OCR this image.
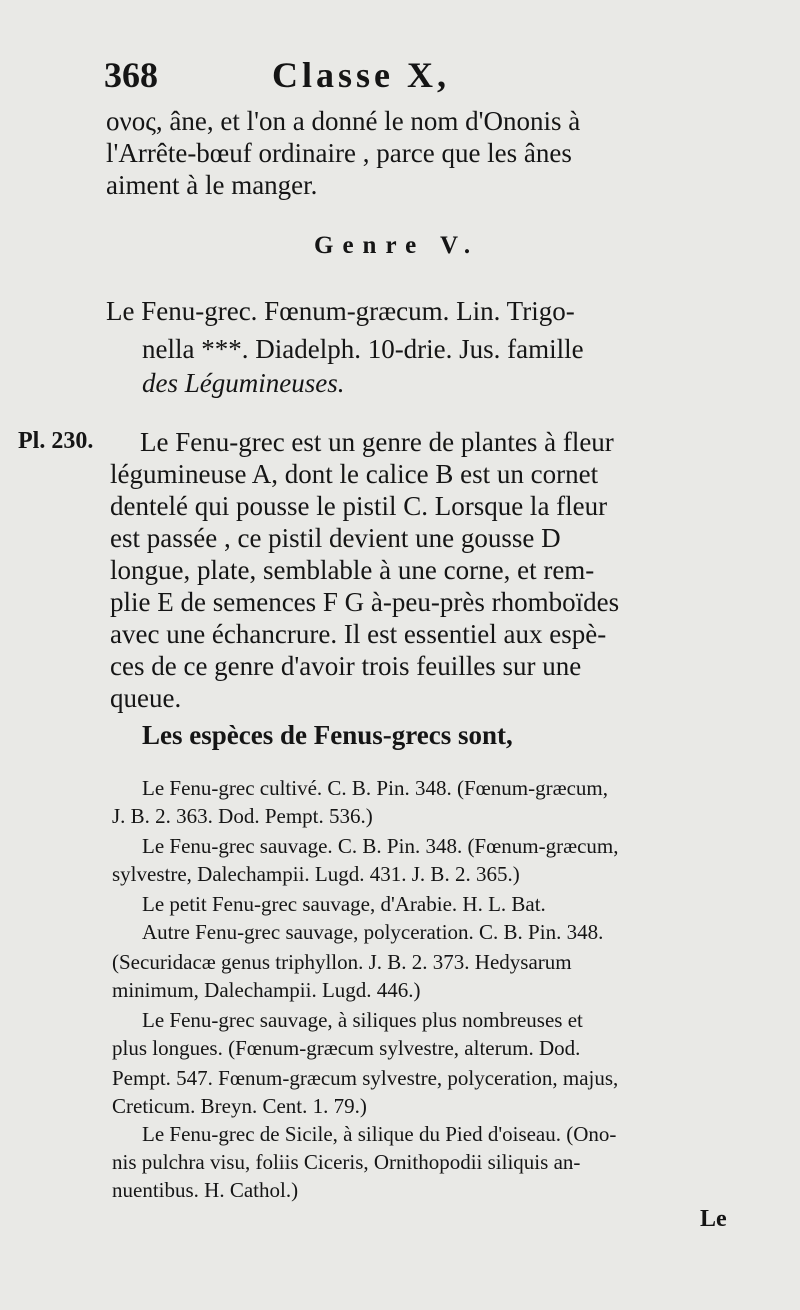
368	Classe X,
ονος, âne, et l'on a donné le nom d'Ononis à
l'Arrête-bœuf ordinaire , parce que les ânes
aiment à le manger.
Genre V.
Le Fenu-grec. Fœnum-græcum. Lin. Trigo-
nella ***. Diadelph. 10-drie. Jus. famille
des Légumineuses.
Pl. 230. Le Fenu-grec est un genre de plantes à fleur
légumineuse A, dont le calice B est un cornet
dentelé qui pousse le pistil C. Lorsque la fleur
est passée , ce pistil devient une gousse D
longue, plate, semblable à une corne, et rem-
plie E de semences F G à-peu-près rhomboïdes
avec une échancrure. Il est essentiel aux espè-
ces de ce genre d'avoir trois feuilles sur une
queue.
Les espèces de Fenus-grecs sont,
Le Fenu-grec cultivé. C. B. Pin. 348. (Fœnum-græcum,
J. B. 2. 363. Dod. Pempt. 536.)
Le Fenu-grec sauvage. C. B. Pin. 348. (Fœnum-græcum,
sylvestre, Dalechampii. Lugd. 431. J. B. 2. 365.)
Le petit Fenu-grec sauvage, d'Arabie. H. L. Bat.
Autre Fenu-grec sauvage, polyceration. C. B. Pin. 348.
(Securidacæ genus triphyllon. J. B. 2. 373. Hedysarum
minimum, Dalechampii. Lugd. 446.)
Le Fenu-grec sauvage, à siliques plus nombreuses et
plus longues. (Fœnum-græcum sylvestre, alterum. Dod.
Pempt. 547. Fœnum-græcum sylvestre, polyceration, majus,
Creticum. Breyn. Cent. 1. 79.)
Le Fenu-grec de Sicile, à silique du Pied d'oiseau. (Ono-
nis pulchra visu, foliis Ciceris, Ornithopodii siliquis an-
nuentibus. H. Cathol.)
Le
